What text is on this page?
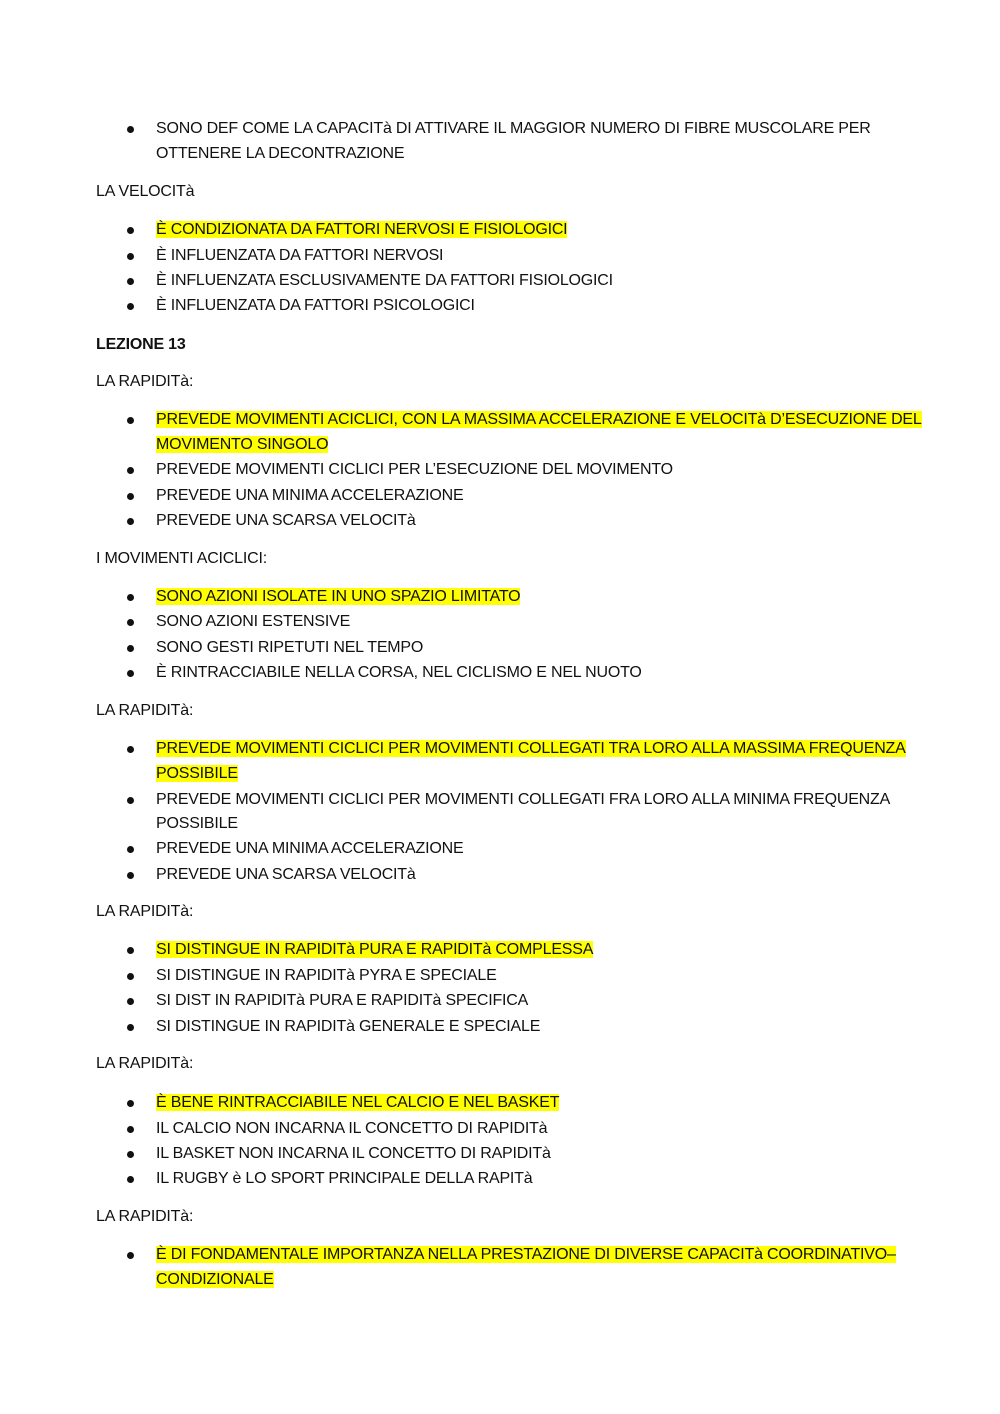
SONO DEF COME LA CAPACITà DI ATTIVARE IL MAGGIOR NUMERO DI FIBRE MUSCOLARE PER
OTTENERE LA DECONTRAZIONE
LA VELOCITà
È CONDIZIONATA DA FATTORI NERVOSI E FISIOLOGICI
È INFLUENZATA DA FATTORI NERVOSI
È INFLUENZATA ESCLUSIVAMENTE DA FATTORI FISIOLOGICI
È INFLUENZATA DA FATTORI PSICOLOGICI
LEZIONE 13
LA RAPIDITà:
PREVEDE MOVIMENTI ACICLICI, CON LA MASSIMA ACCELERAZIONE E VELOCITà D’ESECUZIONE DEL
MOVIMENTO SINGOLO
PREVEDE MOVIMENTI CICLICI PER L’ESECUZIONE DEL MOVIMENTO
PREVEDE UNA MINIMA ACCELERAZIONE
PREVEDE UNA SCARSA VELOCITà
I MOVIMENTI ACICLICI:
SONO AZIONI ISOLATE IN UNO SPAZIO LIMITATO
SONO AZIONI ESTENSIVE
SONO GESTI RIPETUTI NEL TEMPO
È RINTRACCIABILE NELLA CORSA, NEL CICLISMO E NEL NUOTO
LA RAPIDITà:
PREVEDE MOVIMENTI CICLICI PER MOVIMENTI COLLEGATI TRA LORO ALLA MASSIMA FREQUENZA
POSSIBILE
PREVEDE MOVIMENTI CICLICI PER MOVIMENTI COLLEGATI FRA LORO ALLA MINIMA FREQUENZA
POSSIBILE
PREVEDE UNA MINIMA ACCELERAZIONE
PREVEDE UNA SCARSA VELOCITà
LA RAPIDITà:
SI DISTINGUE IN RAPIDITà PURA E RAPIDITà COMPLESSA
SI DISTINGUE IN RAPIDITà PYRA E SPECIALE
SI DIST IN RAPIDITà PURA E RAPIDITà SPECIFICA
SI DISTINGUE IN RAPIDITà GENERALE E SPECIALE
LA RAPIDITà:
È BENE RINTRACCIABILE NEL CALCIO E NEL BASKET
IL CALCIO NON INCARNA IL CONCETTO DI RAPIDITà
IL BASKET NON INCARNA IL CONCETTO DI RAPIDITà
IL RUGBY è LO SPORT PRINCIPALE DELLA RAPITà
LA RAPIDITà:
È DI FONDAMENTALE IMPORTANZA NELLA PRESTAZIONE DI DIVERSE CAPACITà COORDINATIVO–
CONDIZIONALE
